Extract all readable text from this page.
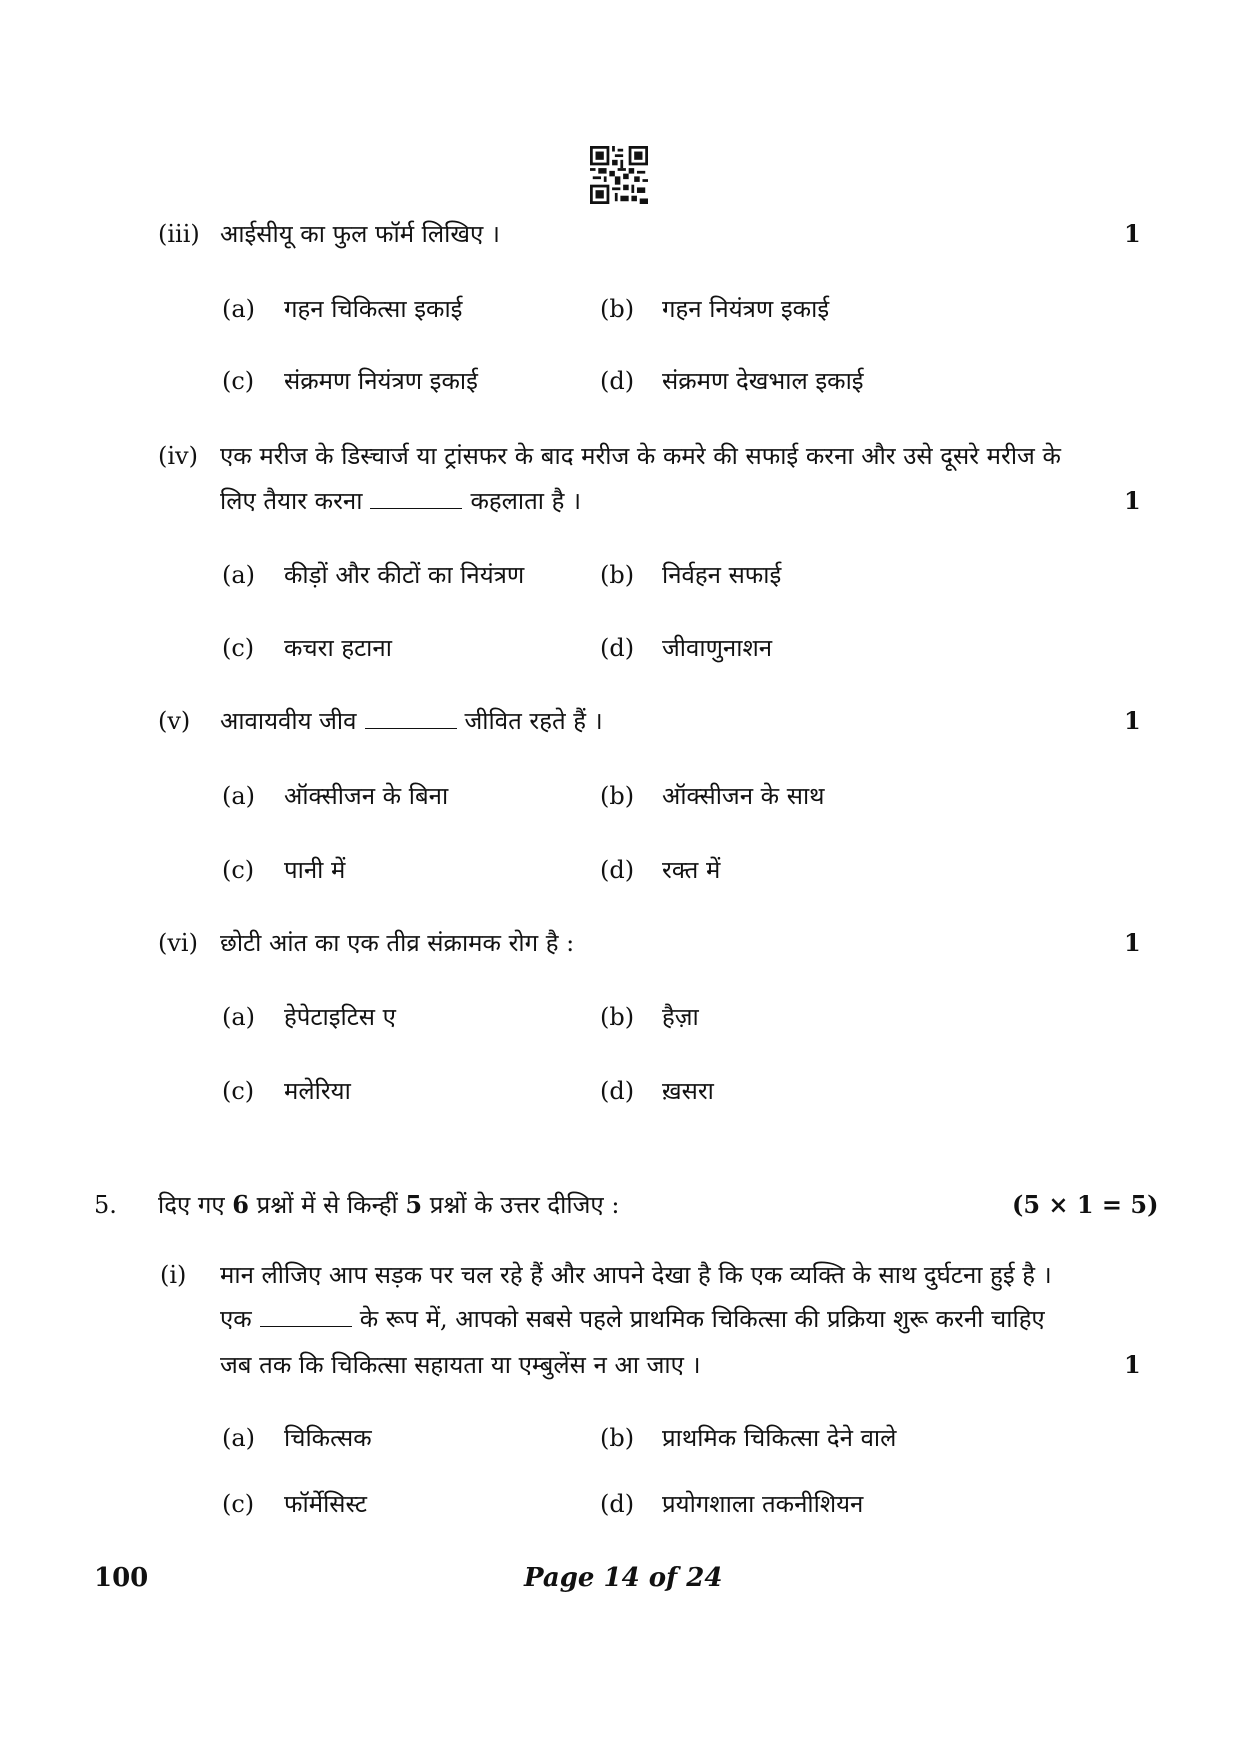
(iii) आईसीयू का फुल फॉर्म लिखिए ।	1
(a) गहन चिकित्सा इकाई	(b) गहन नियंत्रण इकाई
(c) संक्रमण नियंत्रण इकाई	(d) संक्रमण देखभाल इकाई
(iv) एक मरीज के डिस्चार्ज या ट्रांसफर के बाद मरीज के कमरे की सफाई करना और उसे दूसरे मरीज के
लिए तैयार करना	कहलाता है ।	1
(a) कीड़ों और कीटों का नियंत्रण	(b) निर्वहन सफाई
(c) कचरा हटाना	(d) जीवाणुनाशन
(v) आवायवीय जीव	जीवित रहते हैं ।	1
(a) ऑक्सीजन के बिना	(b) ऑक्सीजन के साथ
(c) पानी में	(d) रक्त में
(vi) छोटी आंत का एक तीव्र संक्रामक रोग है :	1
(a) हेपेटाइटिस ए	(b) हैज़ा
(c) मलेरिया	(d) ख़सरा
5. दिए गए 6 प्रश्नों में से किन्हीं 5 प्रश्नों के उत्तर दीजिए :	(5 × 1 = 5)
(i) मान लीजिए आप सड़क पर चल रहे हैं और आपने देखा है कि एक व्यक्ति के साथ दुर्घटना हुई है ।
एक	के रूप में, आपको सबसे पहले प्राथमिक चिकित्सा की प्रक्रिया शुरू करनी चाहिए
जब तक कि चिकित्सा सहायता या एम्बुलेंस न आ जाए ।	1
(a) चिकित्सक	(b) प्राथमिक चिकित्सा देने वाले
(c) फॉर्मेसिस्ट	(d) प्रयोगशाला तकनीशियन
100	Page 14 of 24
